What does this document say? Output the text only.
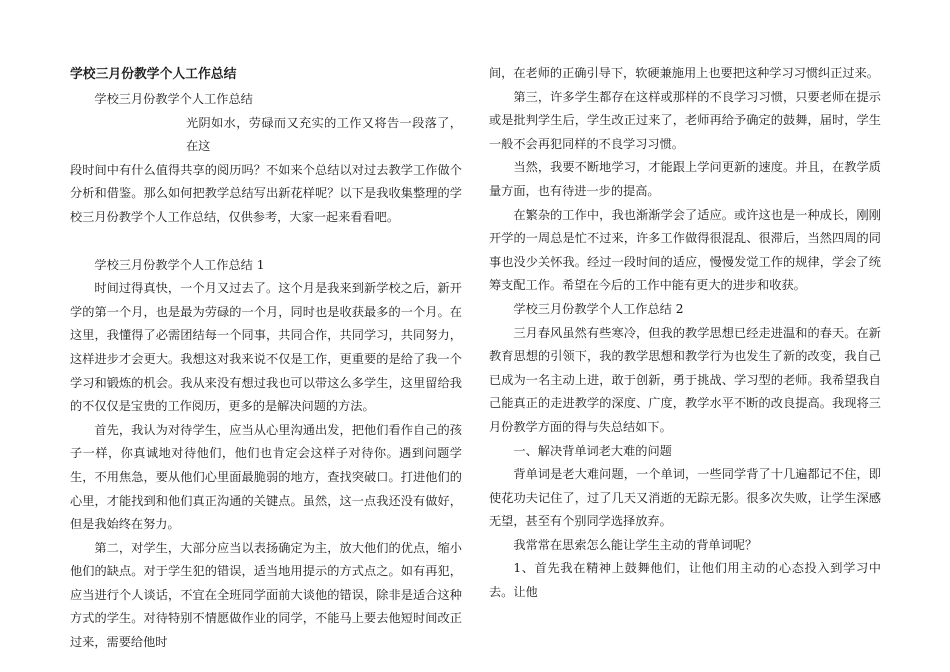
学校三月份教学个人工作总结

学校三月份教学个人工作总结

光阴如水，劳碌而又充实的工作又将告一段落了，在这

段时间中有什么值得共享的阅历吗？不如来个总结以对过去教学工作做个分析和借鉴。那么如何把教学总结写出新花样呢？以下是我收集整理的学校三月份教学个人工作总结，仅供参考，大家一起来看看吧。

学校三月份教学个人工作总结 1

时间过得真快，一个月又过去了。这个月是我来到新学校之后，新开学的第一个月，也是最为劳碌的一个月，同时也是收获最多的一个月。在这里，我懂得了必需团结每一个同事，共同合作，共同学习，共同努力，这样进步才会更大。我想这对我来说不仅是工作，更重要的是给了我一个学习和锻炼的机会。我从来没有想过我也可以带这么多学生，这里留给我的不仅仅是宝贵的工作阅历，更多的是解决问题的方法。

首先，我认为对待学生，应当从心里沟通出发，把他们看作自己的孩子一样，你真诚地对待他们，他们也肯定会这样子对待你。遇到问题学生，不用焦急，要从他们心里面最脆弱的地方，查找突破口。打进他们的心里，才能找到和他们真正沟通的关键点。虽然，这一点我还没有做好，但是我始终在努力。

第二，对学生，大部分应当以表扬确定为主，放大他们的优点，缩小他们的缺点。对于学生犯的错误，适当地用提示的方式点之。如有再犯，应当进行个人谈话，不宜在全班同学面前大谈他的错误，除非是适合这种方式的学生。对待特别不情愿做作业的同学，不能马上要去他短时间改正过来，需要给他时

间，在老师的正确引导下，软硬兼施用上也要把这种学习习惯纠正过来。

第三，许多学生都存在这样或那样的不良学习习惯，只要老师在提示或是批判学生后，学生改正过来了，老师再给予确定的鼓舞，届时，学生一般不会再犯同样的不良学习习惯。

当然，我要不断地学习，才能跟上学问更新的速度。并且，在教学质量方面，也有待进一步的提高。

在繁杂的工作中，我也渐渐学会了适应。或许这也是一种成长，刚刚开学的一周总是忙不过来，许多工作做得很混乱、很滞后，当然四周的同事也没少关怀我。经过一段时间的适应，慢慢发觉工作的规律，学会了统筹支配工作。希望在今后的工作中能有更大的进步和收获。

学校三月份教学个人工作总结 2

三月春风虽然有些寒冷，但我的教学思想已经走进温和的春天。在新教育思想的引领下，我的教学思想和教学行为也发生了新的改变，我自己已成为一名主动上进，敢于创新，勇于挑战、学习型的老师。我希望我自己能真正的走进教学的深度、广度，教学水平不断的改良提高。我现将三月份教学方面的得与失总结如下。

一、解决背单词老大难的问题

背单词是老大难问题，一个单词，一些同学背了十几遍都记不住，即使花功夫记住了，过了几天又消逝的无踪无影。很多次失败，让学生深感无望，甚至有个别同学选择放弃。

我常常在思索怎么能让学生主动的背单词呢？

1、首先我在精神上鼓舞他们，让他们用主动的心态投入到学习中去。让他
